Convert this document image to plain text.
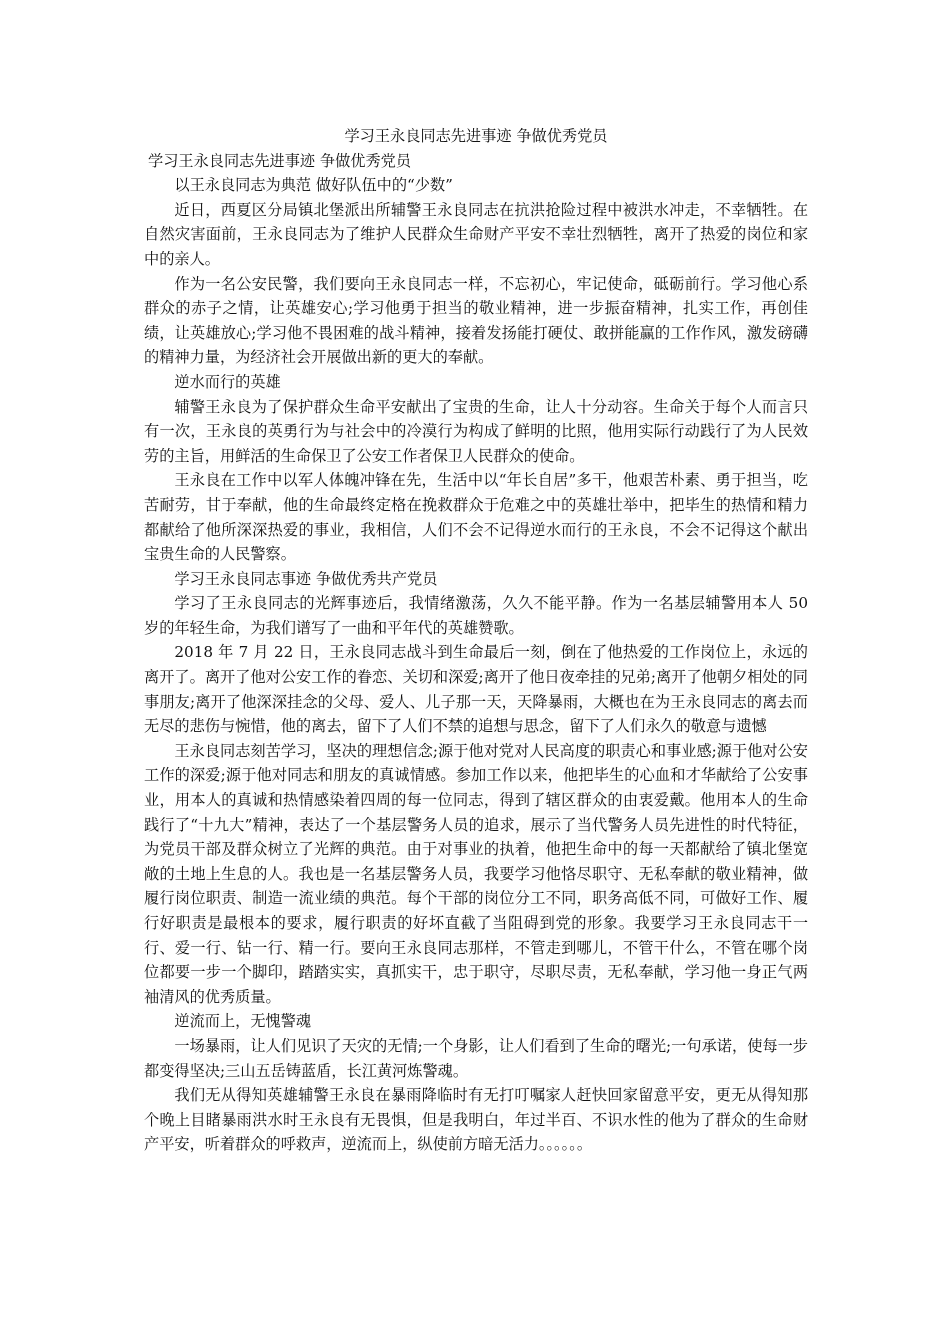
学习王永良同志先进事迹 争做优秀党员

学习王永良同志先进事迹 争做优秀党员

以王永良同志为典范 做好队伍中的“少数”

近日，西夏区分局镇北堡派出所辅警王永良同志在抗洪抢险过程中被洪水冲走，不幸牺牲。在自然灾害面前，王永良同志为了维护人民群众生命财产平安不幸壮烈牺牲，离开了热爱的岗位和家中的亲人。

作为一名公安民警，我们要向王永良同志一样，不忘初心，牢记使命，砥砺前行。学习他心系群众的赤子之情，让英雄安心;学习他勇于担当的敬业精神，进一步振奋精神，扎实工作，再创佳绩，让英雄放心;学习他不畏困难的战斗精神，接着发扬能打硬仗、敢拼能赢的工作作风，激发磅礴的精神力量，为经济社会开展做出新的更大的奉献。

逆水而行的英雄

辅警王永良为了保护群众生命平安献出了宝贵的生命，让人十分动容。生命关于每个人而言只有一次，王永良的英勇行为与社会中的冷漠行为构成了鲜明的比照，他用实际行动践行了为人民效劳的主旨，用鲜活的生命保卫了公安工作者保卫人民群众的使命。

王永良在工作中以军人体魄冲锋在先，生活中以“年长自居”多干，他艰苦朴素、勇于担当，吃苦耐劳，甘于奉献，他的生命最终定格在挽救群众于危难之中的英雄壮举中，把毕生的热情和精力都献给了他所深深热爱的事业，我相信，人们不会不记得逆水而行的王永良，不会不记得这个献出宝贵生命的人民警察。

学习王永良同志事迹 争做优秀共产党员

学习了王永良同志的光辉事迹后，我情绪激荡，久久不能平静。作为一名基层辅警用本人 50 岁的年轻生命，为我们谱写了一曲和平年代的英雄赞歌。

2018 年 7 月 22 日，王永良同志战斗到生命最后一刻，倒在了他热爱的工作岗位上，永远的离开了。离开了他对公安工作的眷恋、关切和深爱;离开了他日夜牵挂的兄弟;离开了他朝夕相处的同事朋友;离开了他深深挂念的父母、爱人、儿子那一天，天降暴雨，大概也在为王永良同志的离去而无尽的悲伤与惋惜，他的离去，留下了人们不禁的追想与思念，留下了人们永久的敬意与遗憾

王永良同志刻苦学习，坚决的理想信念;源于他对党对人民高度的职责心和事业感;源于他对公安工作的深爱;源于他对同志和朋友的真诚情感。参加工作以来，他把毕生的心血和才华献给了公安事业，用本人的真诚和热情感染着四周的每一位同志，得到了辖区群众的由衷爱戴。他用本人的生命践行了“十九大”精神，表达了一个基层警务人员的追求，展示了当代警务人员先进性的时代特征，为党员干部及群众树立了光辉的典范。由于对事业的执着，他把生命中的每一天都献给了镇北堡宽敞的土地上生息的人。我也是一名基层警务人员，我要学习他恪尽职守、无私奉献的敬业精神，做履行岗位职责、制造一流业绩的典范。每个干部的岗位分工不同，职务高低不同，可做好工作、履行好职责是最根本的要求，履行职责的好坏直截了当阻碍到党的形象。我要学习王永良同志干一行、爱一行、钻一行、精一行。要向王永良同志那样，不管走到哪儿，不管干什么，不管在哪个岗位都要一步一个脚印，踏踏实实，真抓实干，忠于职守，尽职尽责，无私奉献，学习他一身正气两袖清风的优秀质量。

逆流而上，无愧警魂

一场暴雨，让人们见识了天灾的无情;一个身影，让人们看到了生命的曙光;一句承诺，使每一步都变得坚决;三山五岳铸蓝盾，长江黄河炼警魂。

我们无从得知英雄辅警王永良在暴雨降临时有无打叮嘱家人赶快回家留意平安，更无从得知那个晚上目睹暴雨洪水时王永良有无畏惧，但是我明白，年过半百、不识水性的他为了群众的生命财产平安，听着群众的呼救声，逆流而上，纵使前方暗无活力。。。。。。
